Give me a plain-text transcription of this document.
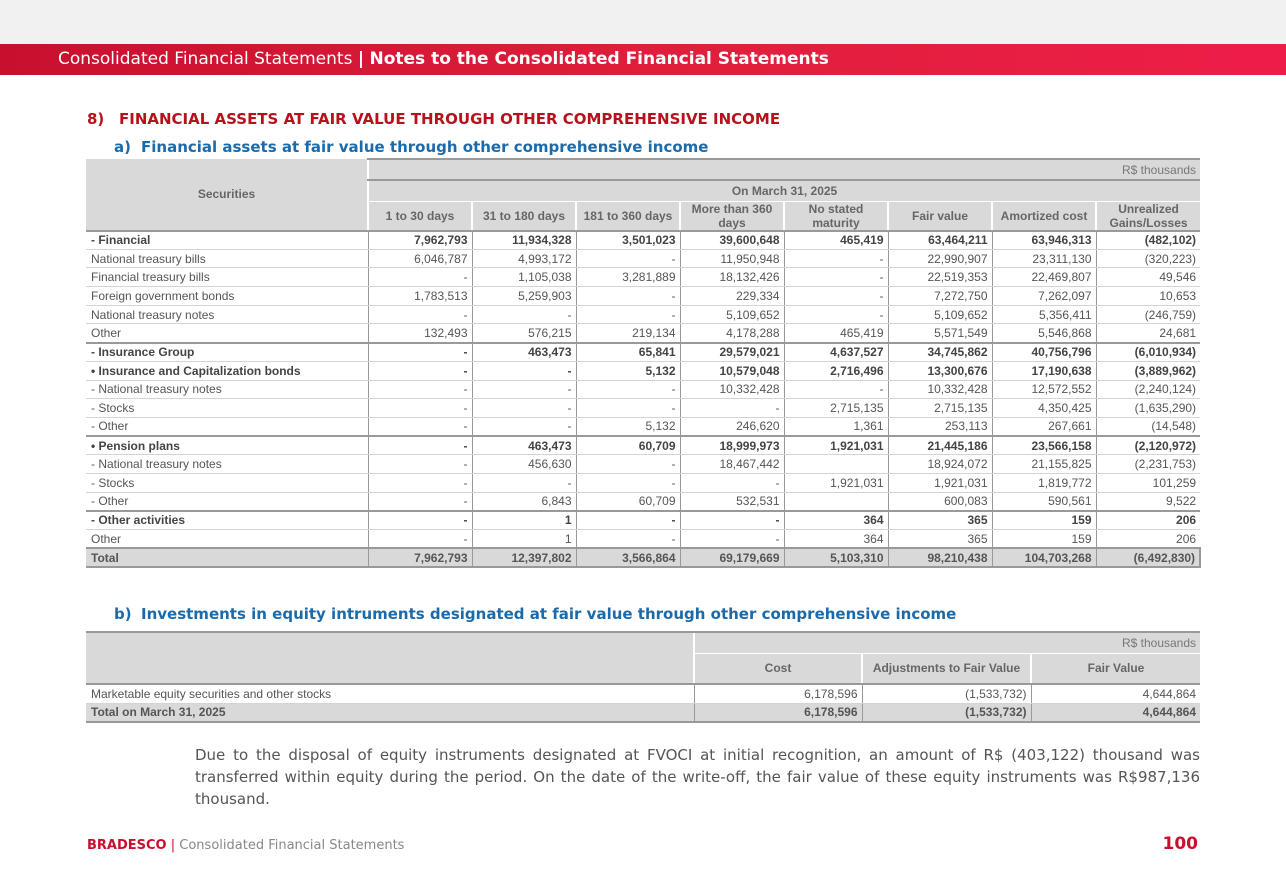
Consolidated Financial Statements | Notes to the Consolidated Financial Statements
8) FINANCIAL ASSETS AT FAIR VALUE THROUGH OTHER COMPREHENSIVE INCOME
a) Financial assets at fair value through other comprehensive income
Securities	R$ thousands							
	On March 31, 2025							
	1 to 30 days	31 to 180 days	181 to 360 days	More than 360 days	No stated maturity	Fair value	Amortized cost	Unrealized Gains/Losses
- Financial	7,962,793	11,934,328	3,501,023	39,600,648	465,419	63,464,211	63,946,313	(482,102)
National treasury bills	6,046,787	4,993,172	-	11,950,948	-	22,990,907	23,311,130	(320,223)
Financial treasury bills	-	1,105,038	3,281,889	18,132,426	-	22,519,353	22,469,807	49,546
Foreign government bonds	1,783,513	5,259,903	-	229,334	-	7,272,750	7,262,097	10,653
National treasury notes	-	-	-	5,109,652	-	5,109,652	5,356,411	(246,759)
Other	132,493	576,215	219,134	4,178,288	465,419	5,571,549	5,546,868	24,681
- Insurance Group	-	463,473	65,841	29,579,021	4,637,527	34,745,862	40,756,796	(6,010,934)
• Insurance and Capitalization bonds	-	-	5,132	10,579,048	2,716,496	13,300,676	17,190,638	(3,889,962)
- National treasury notes	-	-	-	10,332,428	-	10,332,428	12,572,552	(2,240,124)
- Stocks	-	-	-	-	2,715,135	2,715,135	4,350,425	(1,635,290)
- Other	-	-	5,132	246,620	1,361	253,113	267,661	(14,548)
• Pension plans	-	463,473	60,709	18,999,973	1,921,031	21,445,186	23,566,158	(2,120,972)
- National treasury notes	-	456,630	-	18,467,442		18,924,072	21,155,825	(2,231,753)
- Stocks	-	-	-	-	1,921,031	1,921,031	1,819,772	101,259
- Other	-	6,843	60,709	532,531		600,083	590,561	9,522
- Other activities	-	1	-	-	364	365	159	206
Other	-	1	-	-	364	365	159	206
Total	7,962,793	12,397,802	3,566,864	69,179,669	5,103,310	98,210,438	104,703,268	(6,492,830)
b) Investments in equity intruments designated at fair value through other comprehensive income
	R$ thousands		
	Cost	Adjustments to Fair Value	Fair Value
Marketable equity securities and other stocks	6,178,596	(1,533,732)	4,644,864
Total on March 31, 2025	6,178,596	(1,533,732)	4,644,864

Due to the disposal of equity instruments designated at FVOCI at initial recognition, an amount of R$ (403,122) thousand was transferred within equity during the period. On the date of the write-off, the fair value of these equity instruments was R$987,136 thousand.

BRADESCO | Consolidated Financial Statements	100
